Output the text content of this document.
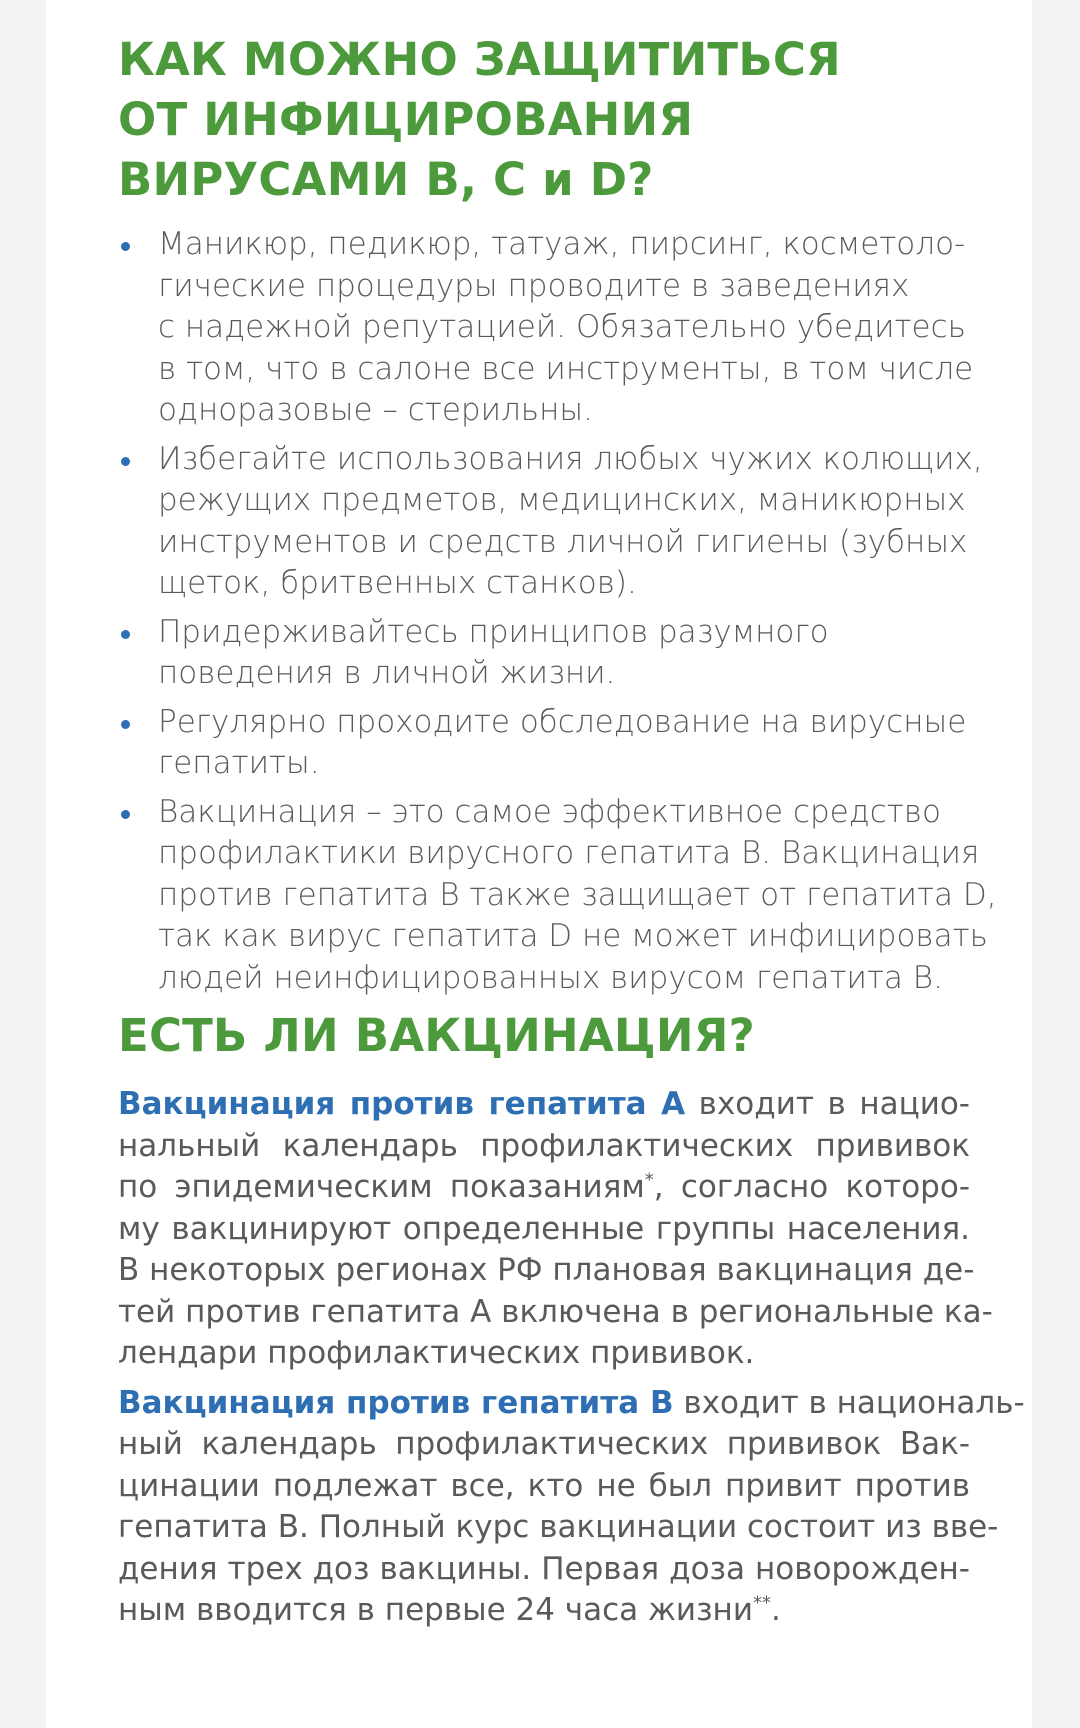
КАК МОЖНО ЗАЩИТИТЬСЯ
ОТ ИНФИЦИРОВАНИЯ
ВИРУСАМИ В, С и D?
Маникюр, педикюр, татуаж, пирсинг, косметоло-
гические процедуры проводите в заведениях
с надежной репутацией. Обязательно убедитесь
в том, что в салоне все инструменты, в том числе
одноразовые – стерильны.
Избегайте использования любых чужих колющих,
режущих предметов, медицинских, маникюрных
инструментов и средств личной гигиены (зубных
щеток, бритвенных станков).
Придерживайтесь принципов разумного
поведения в личной жизни.
Регулярно проходите обследование на вирусные
гепатиты.
Вакцинация – это самое эффективное средство
профилактики вирусного гепатита В. Вакцинация
против гепатита В также защищает от гепатита D,
так как вирус гепатита D не может инфицировать
людей неинфицированных вирусом гепатита В.
ЕСТЬ ЛИ ВАКЦИНАЦИЯ?

Вакцинация против гепатита А входит в нацио-
нальный календарь профилактических прививок
по эпидемическим показаниям*, согласно которо-
му вакцинируют определенные группы населения.
В некоторых регионах РФ плановая вакцинация де-
тей против гепатита А включена в региональные ка-
лендари профилактических прививок.

Вакцинация против гепатита В входит в националь-
ный календарь профилактических прививок Вак-
цинации подлежат все, кто не был привит против
гепатита В. Полный курс вакцинации состоит из вве-
дения трех доз вакцины. Первая доза новорожден-
ным вводится в первые 24 часа жизни**.
